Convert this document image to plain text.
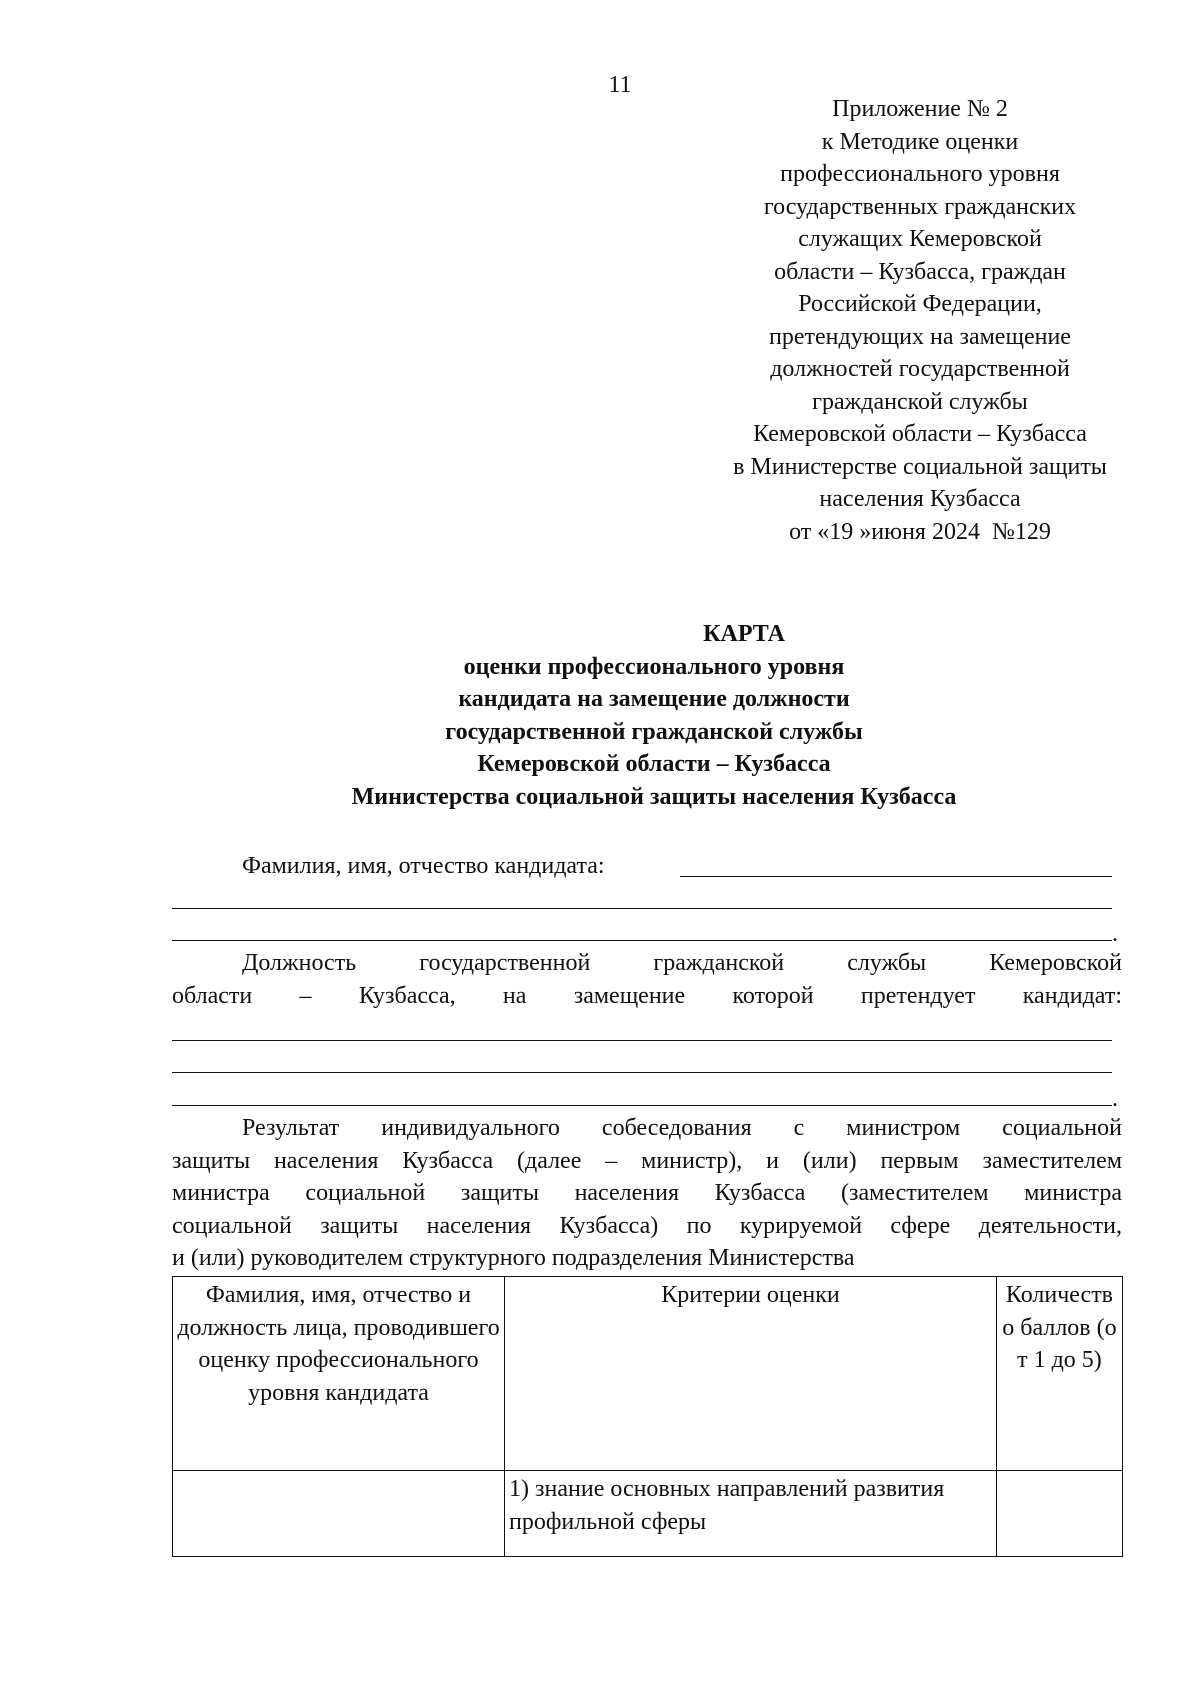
11
Приложение № 2
к Методике оценки
профессионального уровня
государственных гражданских
служащих Кемеровской
области – Кузбасса, граждан
Российской Федерации,
претендующих на замещение
должностей государственной
гражданской службы
Кемеровской области – Кузбасса
в Министерстве социальной защиты
населения Кузбасса
от «19 »июня 2024  №129
КАРТА
оценки профессионального уровня
кандидата на замещение должности
государственной гражданской службы
Кемеровской области – Кузбасса
Министерства социальной защиты населения Кузбасса
Фамилия, имя, отчество кандидата:
.
Должность государственной гражданской службы Кемеровской
области – Кузбасса, на замещение которой претендует кандидат:
.
Результат индивидуального собеседования с министром социальной
защиты населения Кузбасса (далее – министр), и (или) первым заместителем
министра социальной защиты населения Кузбасса (заместителем министра
социальной защиты населения Кузбасса) по курируемой сфере деятельности,
и (или) руководителем структурного подразделения Министерства
Фамилия, имя, отчество и должность лица, проводившего оценку профессионального уровня кандидата	Критерии оценки	Количество баллов (от 1 до 5)
	1) знание основных направлений развития профильной сферы	
